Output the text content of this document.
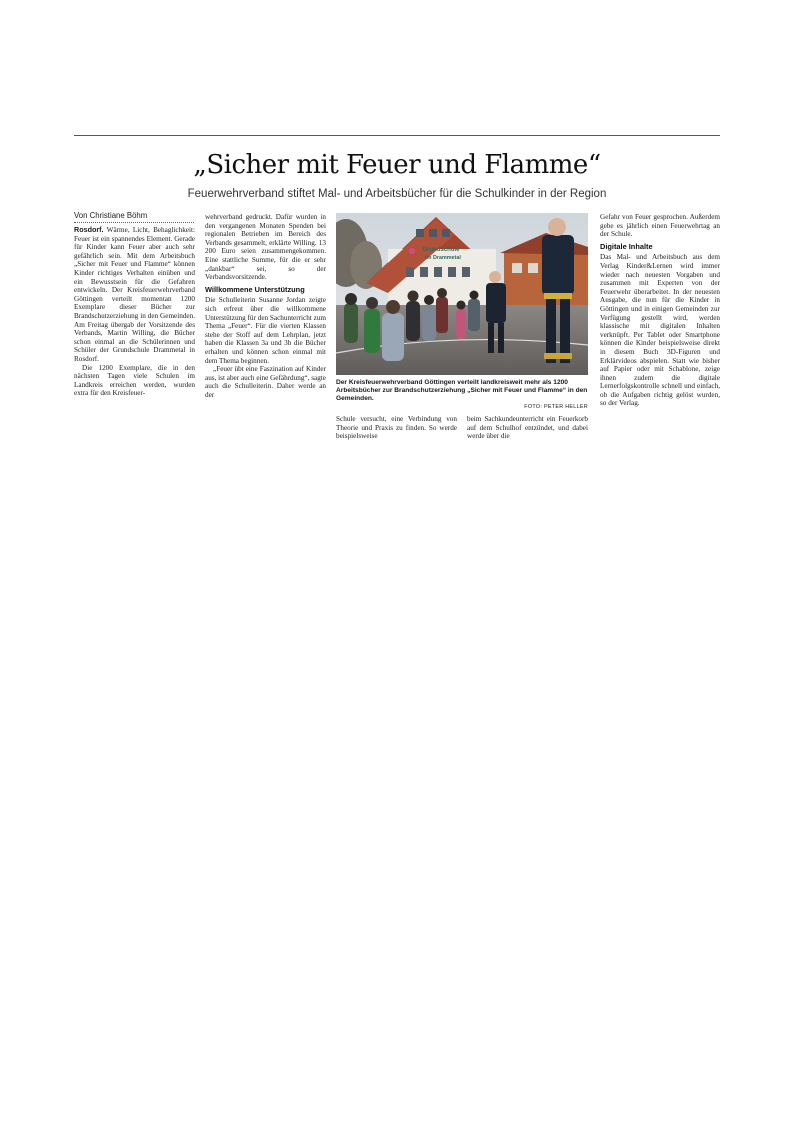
„Sicher mit Feuer und Flamme“
Feuerwehrverband stiftet Mal- und Arbeitsbücher für die Schulkinder in der Region
Von Christiane Böhm

Rosdorf. Wärme, Licht, Behaglichkeit: Feuer ist ein spannendes Element. Gerade für Kinder kann Feuer aber auch sehr gefährlich sein. Mit dem Arbeitsbuch „Sicher mit Feuer und Flamme“ können Kinder richtiges Verhalten einüben und ein Bewusstsein für die Gefahren entwickeln. Der Kreisfeuerwehrverband Göttingen verteilt momentan 1200 Exemplare dieser Bücher zur Brandschutzerziehung in den Gemeinden. Am Freitag übergab der Vorsitzende des Verbands, Martin Willing, die Bücher schon einmal an die Schülerinnen und Schüler der Grundschule Drammetal in Rosdorf.

Die 1200 Exemplare, die in den nächsten Tagen viele Schulen im Landkreis erreichen werden, wurden extra für den Kreisfeuer-

wehrverband gedruckt. Dafür wurden in den vergangenen Monaten Spenden bei regionalen Betrieben im Bereich des Verbands gesammelt, erklärte Willing. 13 200 Euro seien zusammengekommen. Eine stattliche Summe, für die er sehr „dankbar“ sei, so der Verbandsvorsitzende.

Willkommene Unterstützung

Die Schulleiterin Susanne Jordan zeigte sich erfreut über die willkommene Unterstützung für den Sachunterricht zum Thema „Feuer“. Für die vierten Klassen stehe der Stoff auf dem Lehrplan, jetzt haben die Klassen 3a und 3b die Bücher erhalten und können schon einmal mit dem Thema beginnen.

„Feuer übt eine Faszination auf Kinder aus, ist aber auch eine Gefährdung“, sagte auch die Schulleiterin. Daher werde an der

Grundschule
im Drammetal
Der Kreisfeuerwehrverband Göttingen verteilt landkreisweit mehr als 1200 Arbeitsbücher zur Brandschutzerziehung „Sicher mit Feuer und Flamme“ in den Gemeinden.
FOTO: PETER HELLER

Schule versucht, eine Verbindung von Theorie und Praxis zu finden. So werde beispielsweise

beim Sachkundeunterricht ein Feuerkorb auf dem Schulhof entzündet, und dabei werde über die

Gefahr von Feuer gesprochen. Außerdem gebe es jährlich einen Feuerwehrtag an der Schule.

Digitale Inhalte

Das Mal- und Arbeitsbuch aus dem Verlag Kinder&Lernen wird immer wieder nach neuesten Vorgaben und zusammen mit Experten von der Feuerwehr überarbeitet. In der neuesten Ausgabe, die nun für die Kinder in Göttingen und in einigen Gemeinden zur Verfügung gestellt wird, werden klassische mit digitalen Inhalten verknüpft. Per Tablet oder Smartphone können die Kinder beispielsweise direkt in diesem Buch 3D-Figuren und Erklärvideos abspielen. Statt wie bisher auf Papier oder mit Schablone, zeige ihnen zudem die digitale Lernerfolgskontrolle schnell und einfach, ob die Aufgaben richtig gelöst wurden, so der Verlag.
